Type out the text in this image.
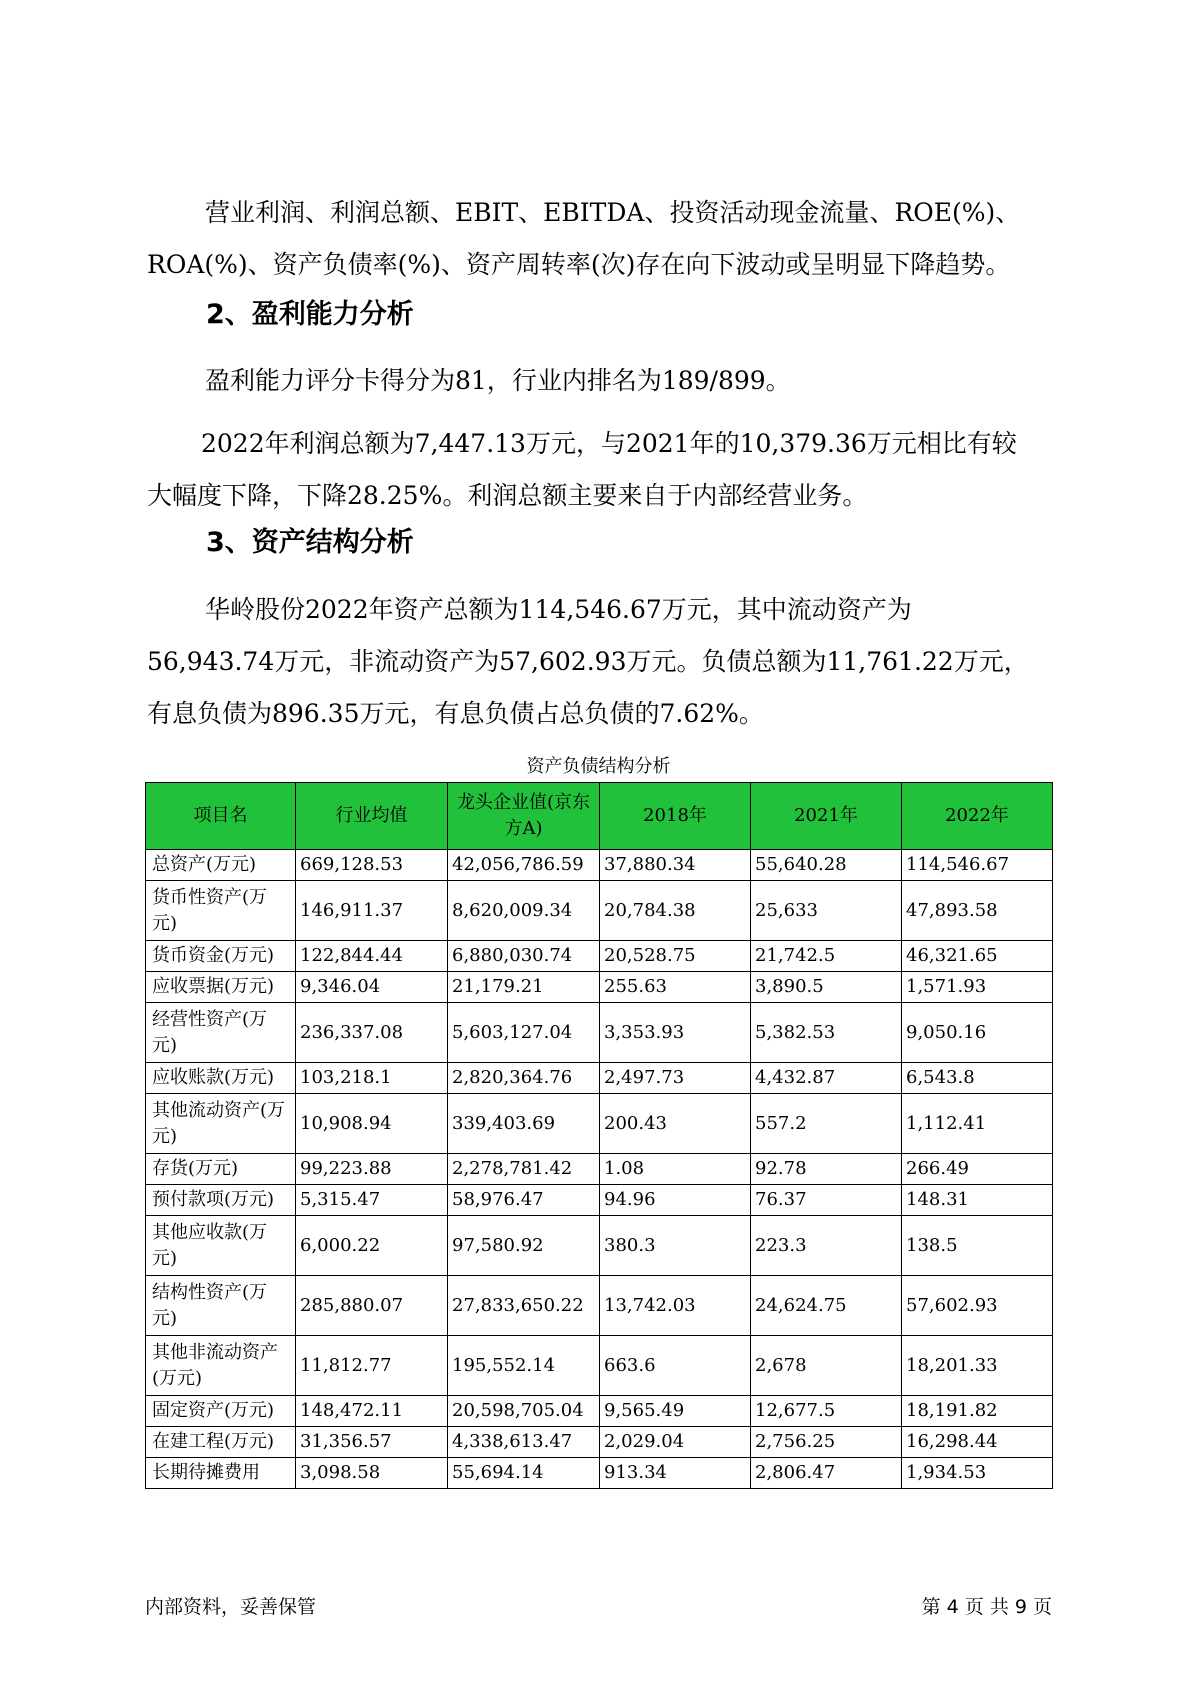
营业利润、利润总额、EBIT、EBITDA、投资活动现金流量、ROE(%)、
ROA(%)、资产负债率(%)、资产周转率(次)存在向下波动或呈明显下降趋势。
2、盈利能力分析
盈利能力评分卡得分为81，行业内排名为189/899。
2022年利润总额为7,447.13万元，与2021年的10,379.36万元相比有较
大幅度下降，下降28.25%。利润总额主要来自于内部经营业务。
3、资产结构分析
华岭股份2022年资产总额为114,546.67万元，其中流动资产为
56,943.74万元，非流动资产为57,602.93万元。负债总额为11,761.22万元，
有息负债为896.35万元，有息负债占总负债的7.62%。
资产负债结构分析
项目名	行业均值	龙头企业值(京东方A)	2018年	2021年	2022年
总资产(万元)	669,128.53	42,056,786.59	37,880.34	55,640.28	114,546.67
货币性资产(万元)	146,911.37	8,620,009.34	20,784.38	25,633	47,893.58
货币资金(万元)	122,844.44	6,880,030.74	20,528.75	21,742.5	46,321.65
应收票据(万元)	9,346.04	21,179.21	255.63	3,890.5	1,571.93
经营性资产(万元)	236,337.08	5,603,127.04	3,353.93	5,382.53	9,050.16
应收账款(万元)	103,218.1	2,820,364.76	2,497.73	4,432.87	6,543.8
其他流动资产(万元)	10,908.94	339,403.69	200.43	557.2	1,112.41
存货(万元)	99,223.88	2,278,781.42	1.08	92.78	266.49
预付款项(万元)	5,315.47	58,976.47	94.96	76.37	148.31
其他应收款(万元)	6,000.22	97,580.92	380.3	223.3	138.5
结构性资产(万元)	285,880.07	27,833,650.22	13,742.03	24,624.75	57,602.93
其他非流动资产(万元)	11,812.77	195,552.14	663.6	2,678	18,201.33
固定资产(万元)	148,472.11	20,598,705.04	9,565.49	12,677.5	18,191.82
在建工程(万元)	31,356.57	4,338,613.47	2,029.04	2,756.25	16,298.44
长期待摊费用	3,098.58	55,694.14	913.34	2,806.47	1,934.53
内部资料，妥善保管	第 4 页 共 9 页
